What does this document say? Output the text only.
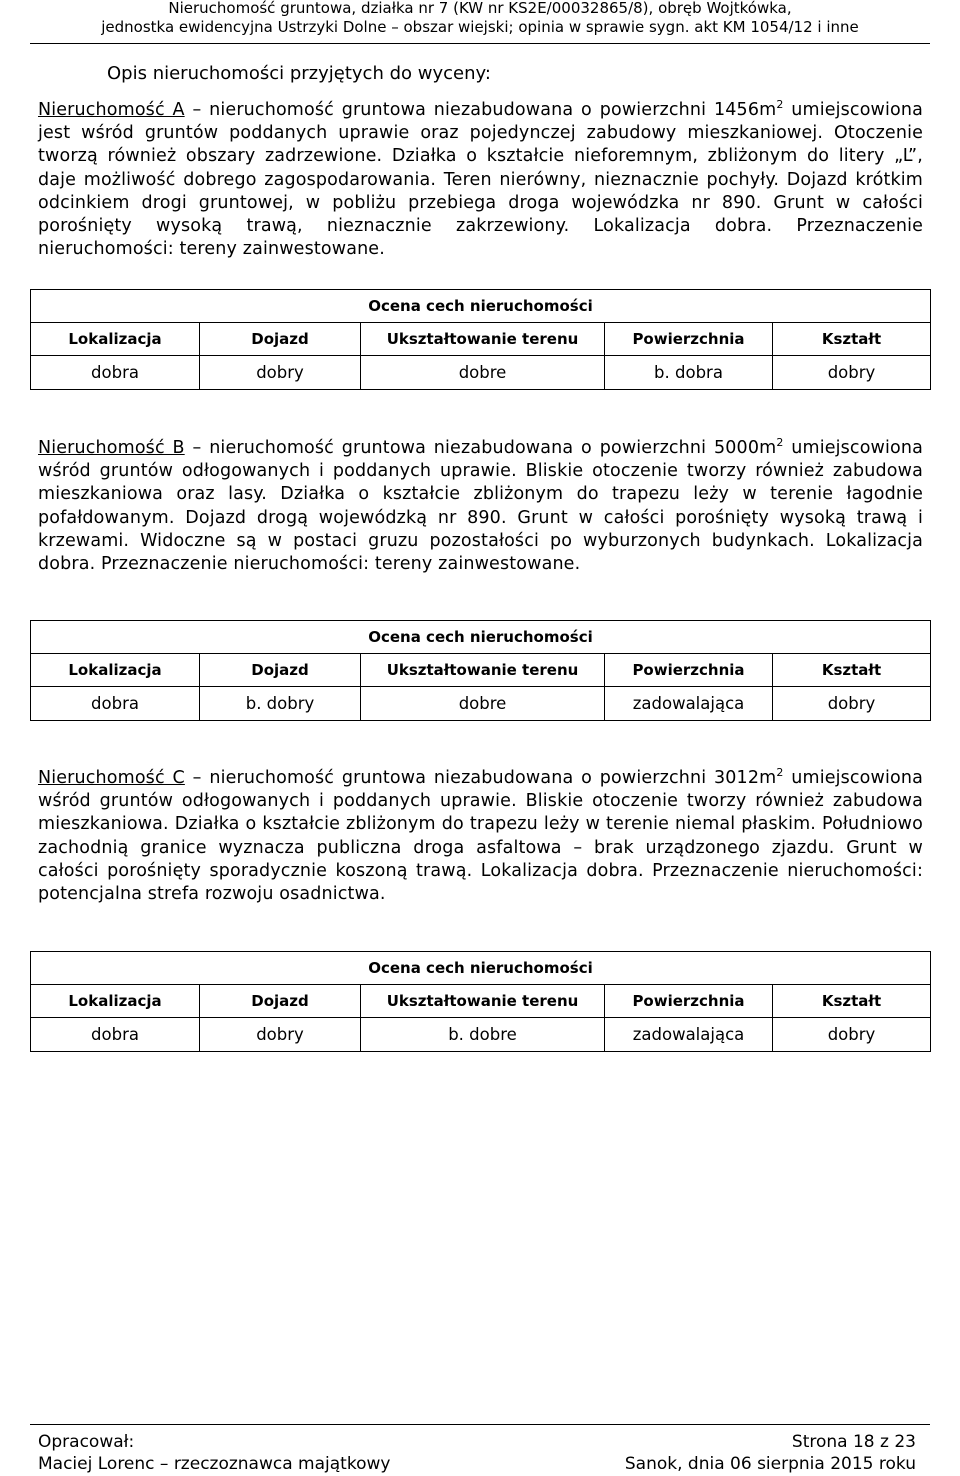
Nieruchomość gruntowa, działka nr 7 (KW nr KS2E/00032865/8), obręb Wojtkówka,
jednostka ewidencyjna Ustrzyki Dolne – obszar wiejski; opinia w sprawie sygn. akt KM 1054/12 i inne

Opis nieruchomości przyjętych do wyceny:

Nieruchomość A – nieruchomość gruntowa niezabudowana o powierzchni $1456m^2$ umiejscowiona jest wśród gruntów poddanych uprawie oraz pojedynczej zabudowy mieszkaniowej. Otoczenie tworzą również obszary zadrzewione. Działka o kształcie nieforemnym, zbliżonym do litery „L”, daje możliwość dobrego zagospodarowania. Teren nierówny, nieznacznie pochyły. Dojazd krótkim odcinkiem drogi gruntowej, w pobliżu przebiega droga wojewódzka nr 890. Grunt w całości porośnięty wysoką trawą, nieznacznie zakrzewiony. Lokalizacja dobra. Przeznaczenie nieruchomości: tereny zainwestowane.

Ocena cech nieruchomości				
Lokalizacja	Dojazd	Ukształtowanie terenu	Powierzchnia	Kształt
dobra	dobry	dobre	b. dobra	dobry

Nieruchomość B – nieruchomość gruntowa niezabudowana o powierzchni $5000m^2$ umiejscowiona wśród gruntów odłogowanych i poddanych uprawie. Bliskie otoczenie tworzy również zabudowa mieszkaniowa oraz lasy. Działka o kształcie zbliżonym do trapezu leży w terenie łagodnie pofałdowanym. Dojazd drogą wojewódzką nr 890. Grunt w całości porośnięty wysoką trawą i krzewami. Widoczne są w postaci gruzu pozostałości po wyburzonych budynkach. Lokalizacja dobra. Przeznaczenie nieruchomości: tereny zainwestowane.

Ocena cech nieruchomości				
Lokalizacja	Dojazd	Ukształtowanie terenu	Powierzchnia	Kształt
dobra	b. dobry	dobre	zadowalająca	dobry

Nieruchomość C – nieruchomość gruntowa niezabudowana o powierzchni $3012m^2$ umiejscowiona wśród gruntów odłogowanych i poddanych uprawie. Bliskie otoczenie tworzy również zabudowa mieszkaniowa. Działka o kształcie zbliżonym do trapezu leży w terenie niemal płaskim. Południowo zachodnią granice wyznacza publiczna droga asfaltowa – brak urządzonego zjazdu. Grunt w całości porośnięty sporadycznie koszoną trawą. Lokalizacja dobra. Przeznaczenie nieruchomości: potencjalna strefa rozwoju osadnictwa.

Ocena cech nieruchomości				
Lokalizacja	Dojazd	Ukształtowanie terenu	Powierzchnia	Kształt
dobra	dobry	b. dobre	zadowalająca	dobry
Opracował:
Maciej Lorenc – rzeczoznawca majątkowy
Strona 18 z 23
Sanok, dnia 06 sierpnia 2015 roku
